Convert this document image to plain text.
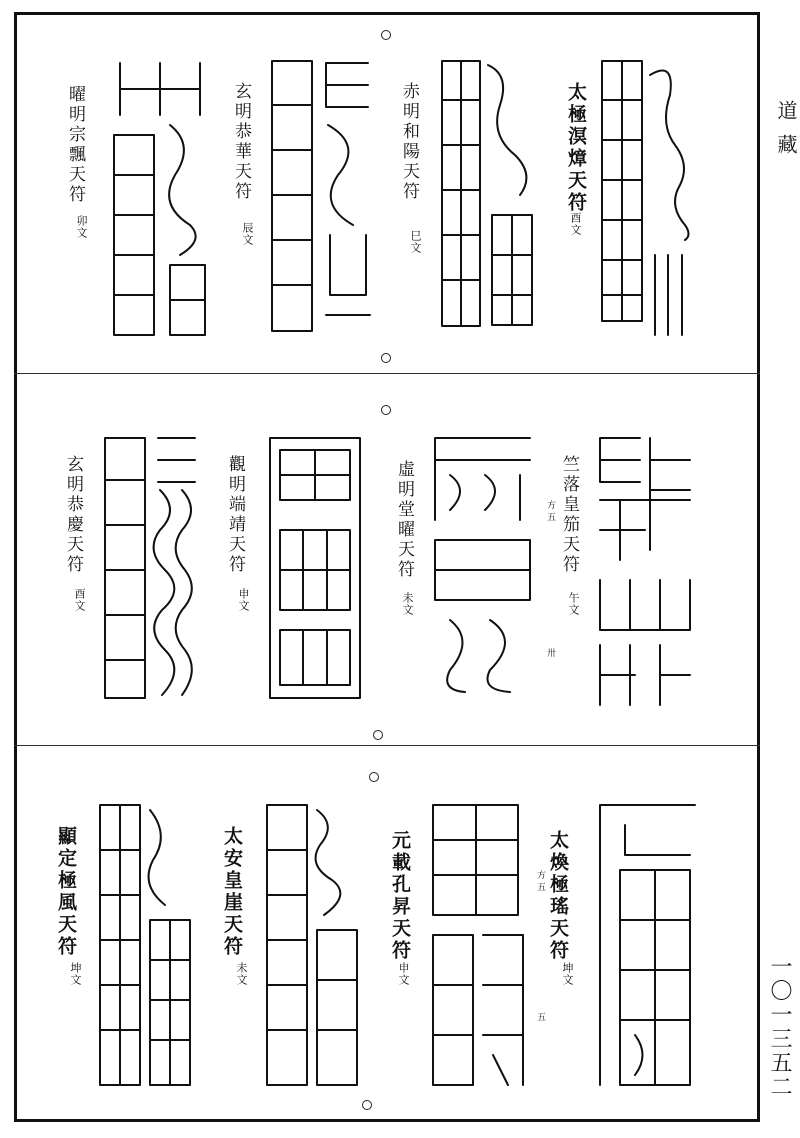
道藏
一〇一三五二
太極溟𤍤天符
酉文
赤明和陽天符
巳文
玄明恭華天符
辰文
曜明宗飄天符
卯文
竺落皇笳天符
方五
午文
虛明堂曜天符
未文
觀明端靖天符
申文
玄明恭慶天符
酉文
卅
太煥極瑤天符
方五
坤文
元載孔昇天符
申文
太安皇崖天符
未文
顯定極風天符
坤文
五
